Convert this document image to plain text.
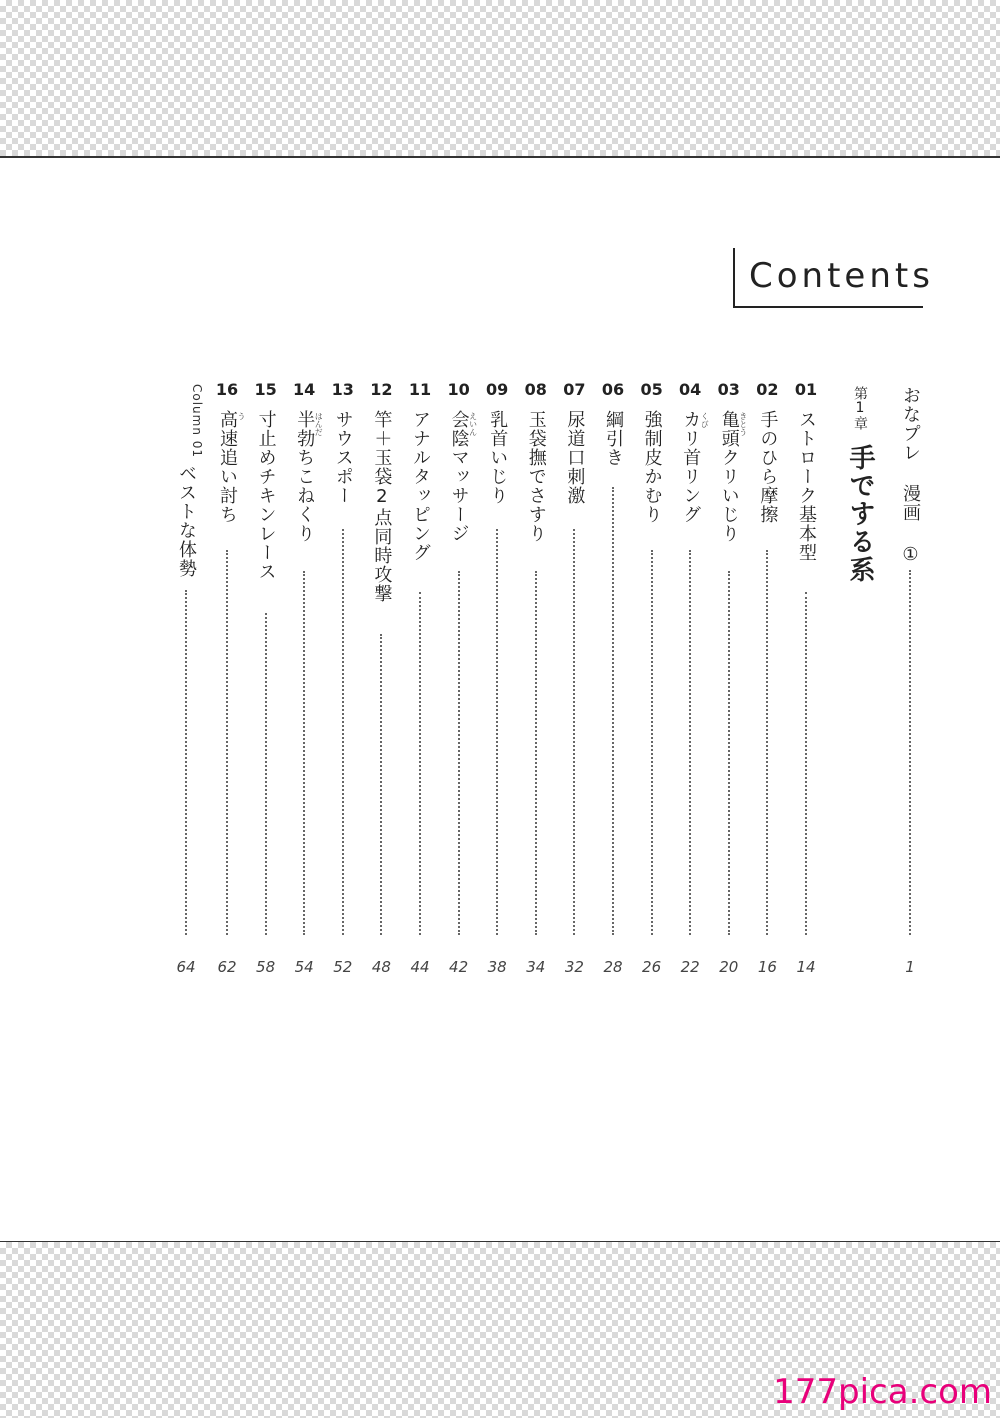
Contents
おなプレ 漫画 ①
1
第1章
手でする系
01
ストローク基本型
14
02
手のひら摩擦
16
03
亀頭クリいじり きとう
20
04
カリ首リング くび
22
05
強制皮かむり
26
06
綱引き
28
07
尿道口刺激
32
08
玉袋撫でさすり
34
09
乳首いじり
38
10
会陰マッサージ えいん
42
11
アナルタッピング
44
12
竿＋玉袋2点同時攻撃
48
13
サウスポー
52
14
半勃ちこねくり はんだ
54
15
寸止めチキンレース
58
16
高速追い討ち う
62
Column 01
ベストな体勢
64
177pica.com
